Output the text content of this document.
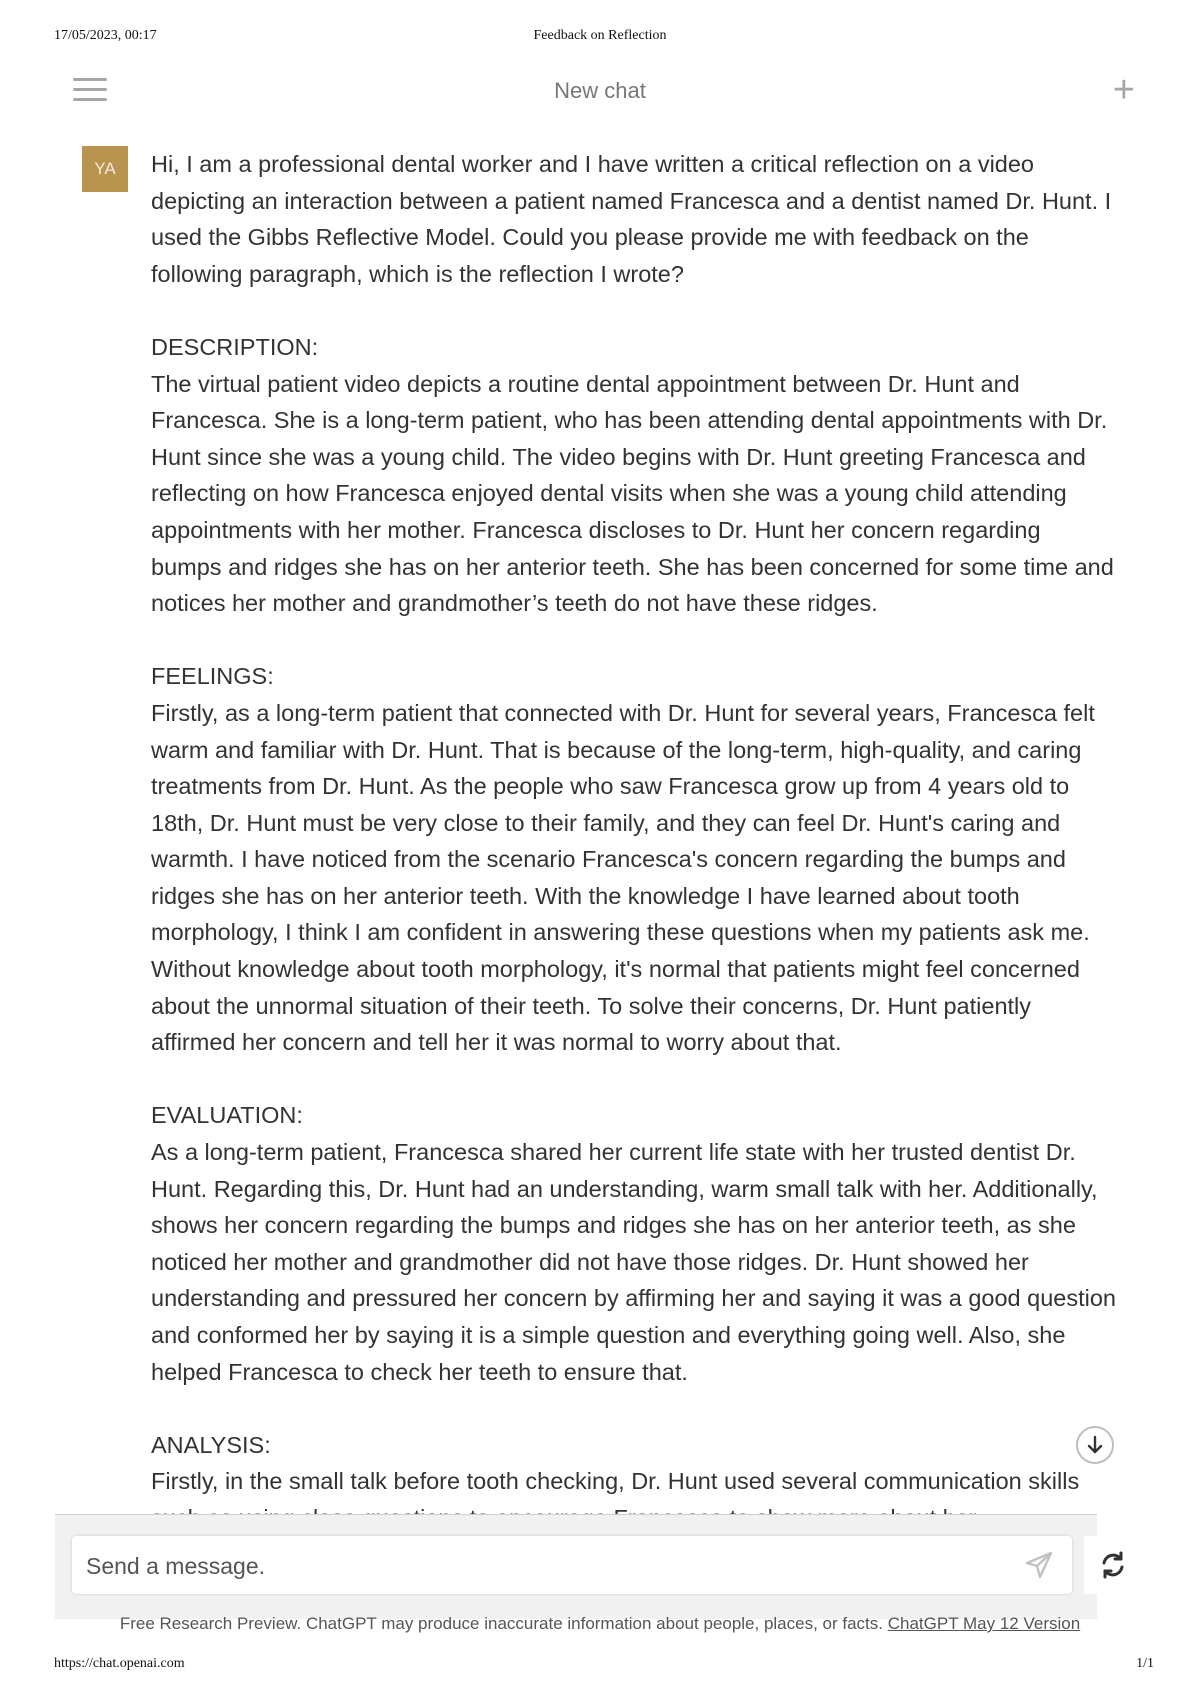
17/05/2023, 00:17	Feedback on Reflection
New chat	+
YA	Hi, I am a professional dental worker and I have written a critical reflection on a video depicting an interaction between a patient named Francesca and a dentist named Dr. Hunt. I used the Gibbs Reflective Model. Could you please provide me with feedback on the following paragraph, which is the reflection I wrote?

DESCRIPTION:

The virtual patient video depicts a routine dental appointment between Dr. Hunt and Francesca. She is a long-term patient, who has been attending dental appointments with Dr. Hunt since she was a young child. The video begins with Dr. Hunt greeting Francesca and reflecting on how Francesca enjoyed dental visits when she was a young child attending appointments with her mother. Francesca discloses to Dr. Hunt her concern regarding bumps and ridges she has on her anterior teeth. She has been concerned for some time and notices her mother and grandmother’s teeth do not have these ridges.

FEELINGS:

Firstly, as a long-term patient that connected with Dr. Hunt for several years, Francesca felt warm and familiar with Dr. Hunt. That is because of the long-term, high-quality, and caring treatments from Dr. Hunt. As the people who saw Francesca grow up from 4 years old to 18th, Dr. Hunt must be very close to their family, and they can feel Dr. Hunt's caring and warmth. I have noticed from the scenario Francesca's concern regarding the bumps and ridges she has on her anterior teeth. With the knowledge I have learned about tooth morphology, I think I am confident in answering these questions when my patients ask me. Without knowledge about tooth morphology, it's normal that patients might feel concerned about the unnormal situation of their teeth. To solve their concerns, Dr. Hunt patiently affirmed her concern and tell her it was normal to worry about that.

EVALUATION:

As a long-term patient, Francesca shared her current life state with her trusted dentist Dr. Hunt. Regarding this, Dr. Hunt had an understanding, warm small talk with her. Additionally, shows her concern regarding the bumps and ridges she has on her anterior teeth, as she noticed her mother and grandmother did not have those ridges. Dr. Hunt showed her understanding and pressured her concern by affirming her and saying it was a good question and conformed her by saying it is a simple question and everything going well. Also, she helped Francesca to check her teeth to ensure that.

ANALYSIS:

Firstly, in the small talk before tooth checking, Dr. Hunt used several communication skills

Send a message.
Free Research Preview. ChatGPT may produce inaccurate information about people, places, or facts. ChatGPT May 12 Version
https://chat.openai.com	1/1
